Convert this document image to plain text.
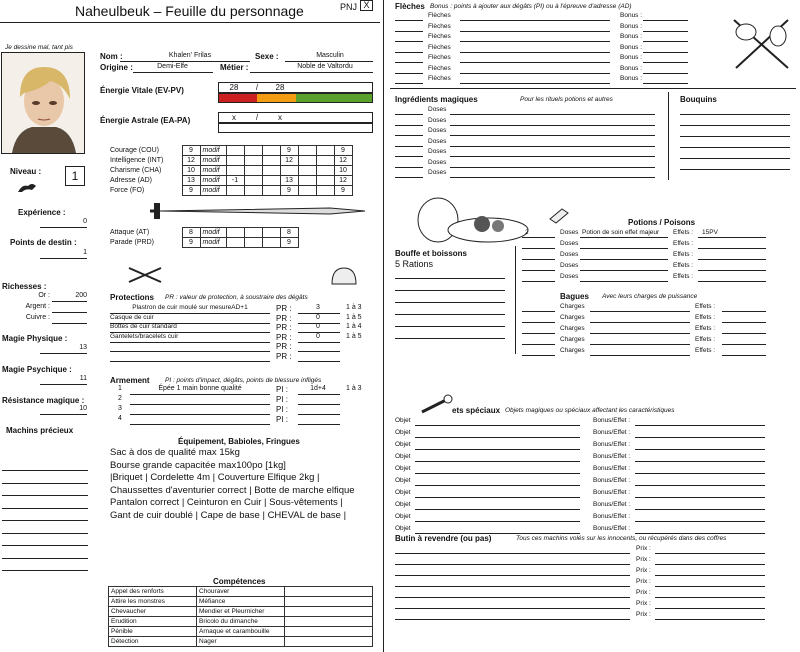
Naheulbeuk – Feuille du personnage	PNJ X
Je dessine mal, tant pis
Nom :	Khalen' Frilas	Sexe :	Masculin
Origine :	Demi-Elfe	Métier :	Noble de Valtordu
Énergie Vitale (EV-PV)	28	/	28
Énergie Astrale (EA-PA)	x	/	x
Niveau :	1
Expérience :
0
Points de destin :
1
Richesses :
Or :	200
Argent :
Cuivre :
Magie Physique :
13
Magie Psychique :
11
Résistance magique :
10
Machins précieux
Courage (COU)	9	modif				9			9
Intelligence (INT)	12	modif				12			12
Charisme (CHA)	10	modif							10
Adresse (AD)	13	modif	-1			13			12
Force (FO)	9	modif				9			9
Attaque (AT)	8	modif				8
Parade (PRD)	9	modif				9
Protections PR : valeur de protection, à soustraire des dégâts
Plastron de cuir moulé sur mesureAD+1	PR :	3	1 à 3
Casque de cuir	PR :	0	1 à 5
Bottes de cuir standard	PR :	0	1 à 4
Gantelets/bracelets cuir	PR :	0	1 à 5
PR :
PR :
Armement PI : points d'impact, dégâts, points de blessure infligés
1	Épée 1 main bonne qualité	PI :	1d+4	1 à 3
2	PI :
3	PI :
4	PI :
Équipement, Babioles, Fringues
Sac à dos de qualité max 15kg
Bourse grande capacitée max100po [1kg]
|Briquet | Cordelette 4m | Couverture Elfique 2kg |
Chaussettes d'aventurier correct | Botte de marche elfique
Pantalon correct | Ceinturon en Cuir | Sous-vêtements |
Gant de cuir doublé | Cape de base | CHEVAL de base |
Compétences
Appel des renforts	Chouraver	
Attire les monstres	Méfiance	
Chevaucher	Mendier et Pleurnicher	
Erudition	Bricolo du dimanche	
Pénible	Arnaque et carambouille	
Détection	Nager	
Flèches Bonus : points à ajouter aux dégâts (PI) ou à l'épreuve d'adresse (AD)
Flèches	Bonus :
Flèches	Bonus :
Flèches	Bonus :
Flèches	Bonus :
Flèches	Bonus :
Flèches	Bonus :
Flèches	Bonus :
Ingrédients magiques	Pour les rituels potions et autres
Doses
Doses
Doses
Doses
Doses
Doses
Doses
Bouquins
Bouffe et boissons
5 Rations
Potions / Poisons
2	Doses Potion de soin effet majeur Effets : 15PV
Doses	Effets :
Doses	Effets :
Doses	Effets :
Doses	Effets :
Bagues Avec leurs charges de puissance
Charges	Effets :
Charges	Effets :
Charges	Effets :
Charges	Effets :
Charges	Effets :
ets spéciaux Objets magiques ou spéciaux affectant les caractéristiques
Objet	Bonus/Effet :
Objet	Bonus/Effet :
Objet	Bonus/Effet :
Objet	Bonus/Effet :
Objet	Bonus/Effet :
Objet	Bonus/Effet :
Objet	Bonus/Effet :
Objet	Bonus/Effet :
Objet	Bonus/Effet :
Objet	Bonus/Effet :
Butin à revendre (ou pas)	Tous ces machins volés sur les innocents, ou récupérés dans des coffres
Prix :
Prix :
Prix :
Prix :
Prix :
Prix :
Prix :
